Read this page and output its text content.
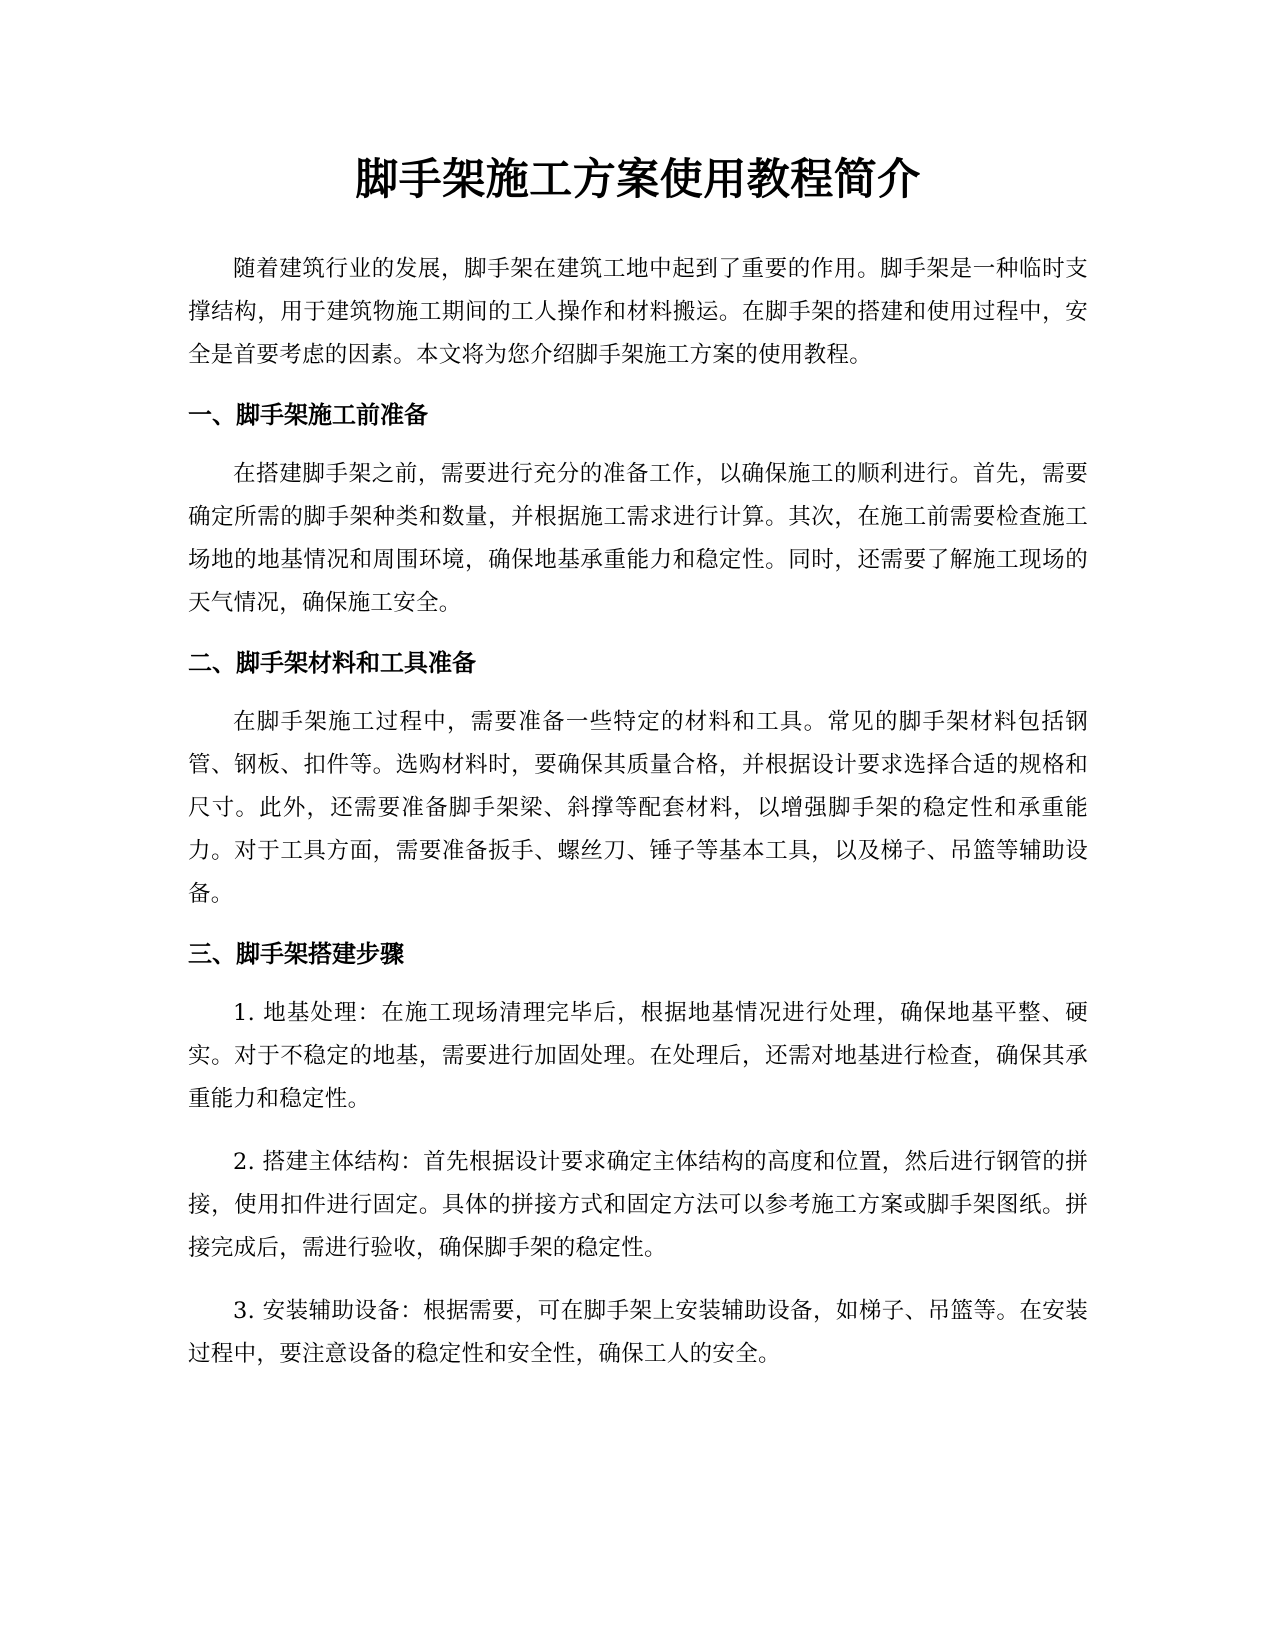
脚手架施工方案使用教程简介

随着建筑行业的发展，脚手架在建筑工地中起到了重要的作用。脚手架是一种临时支撑结构，用于建筑物施工期间的工人操作和材料搬运。在脚手架的搭建和使用过程中，安全是首要考虑的因素。本文将为您介绍脚手架施工方案的使用教程。

一、脚手架施工前准备

在搭建脚手架之前，需要进行充分的准备工作，以确保施工的顺利进行。首先，需要确定所需的脚手架种类和数量，并根据施工需求进行计算。其次，在施工前需要检查施工场地的地基情况和周围环境，确保地基承重能力和稳定性。同时，还需要了解施工现场的天气情况，确保施工安全。

二、脚手架材料和工具准备

在脚手架施工过程中，需要准备一些特定的材料和工具。常见的脚手架材料包括钢管、钢板、扣件等。选购材料时，要确保其质量合格，并根据设计要求选择合适的规格和尺寸。此外，还需要准备脚手架梁、斜撑等配套材料，以增强脚手架的稳定性和承重能力。对于工具方面，需要准备扳手、螺丝刀、锤子等基本工具，以及梯子、吊篮等辅助设备。

三、脚手架搭建步骤

1. 地基处理：在施工现场清理完毕后，根据地基情况进行处理，确保地基平整、硬实。对于不稳定的地基，需要进行加固处理。在处理后，还需对地基进行检查，确保其承重能力和稳定性。

2. 搭建主体结构：首先根据设计要求确定主体结构的高度和位置，然后进行钢管的拼接，使用扣件进行固定。具体的拼接方式和固定方法可以参考施工方案或脚手架图纸。拼接完成后，需进行验收，确保脚手架的稳定性。

3. 安装辅助设备：根据需要，可在脚手架上安装辅助设备，如梯子、吊篮等。在安装过程中，要注意设备的稳定性和安全性，确保工人的安全。
